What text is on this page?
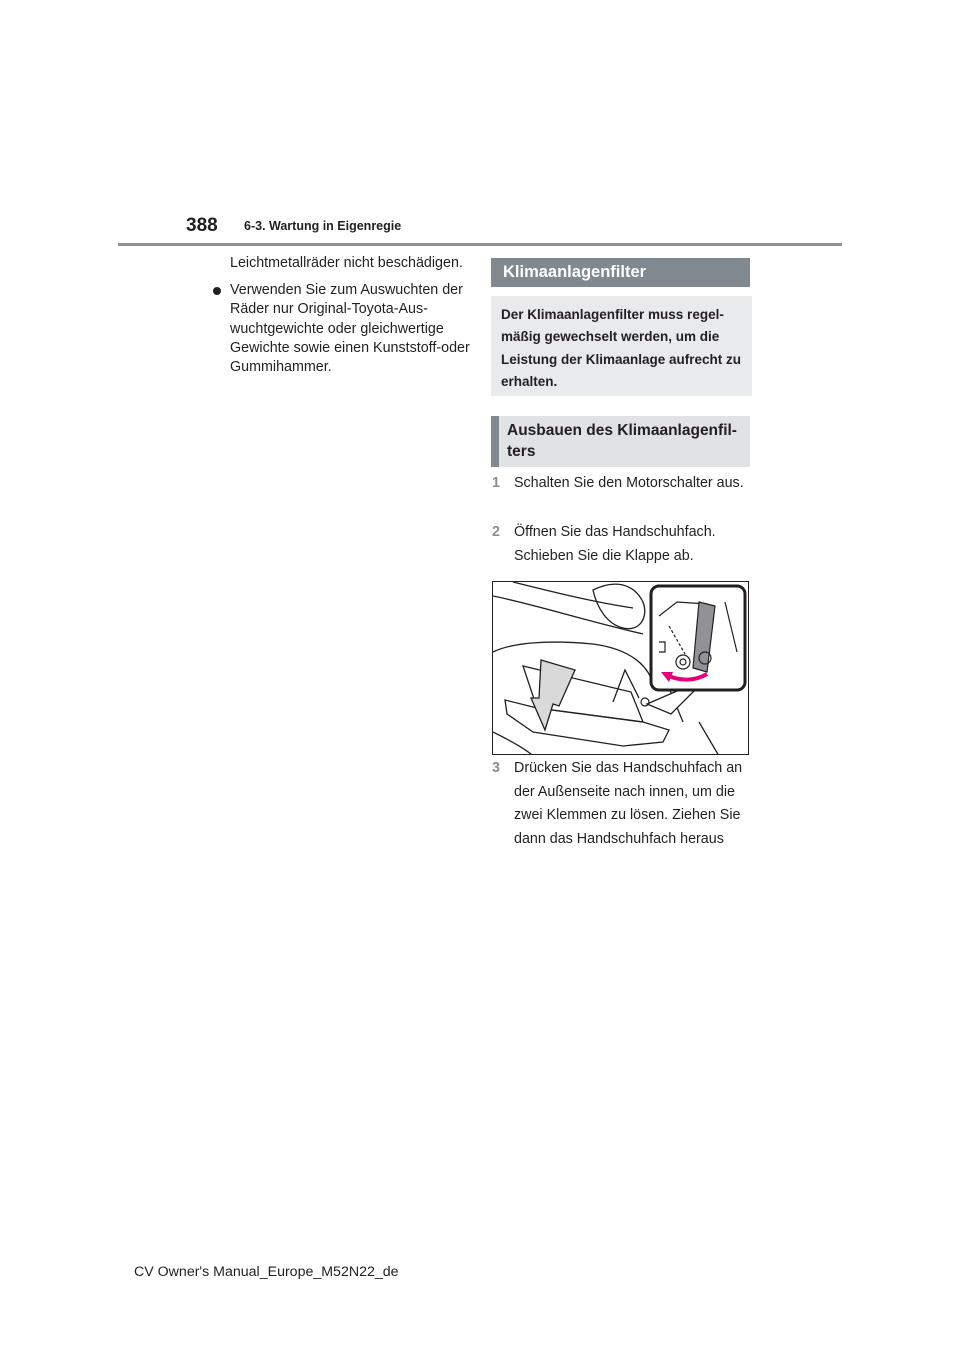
388 6-3. Wartung in Eigenregie

Leichtmetallräder nicht beschädigen.

Verwenden Sie zum Auswuchten der Räder nur Original-Toyota-Aus-wuchtgewichte oder gleichwertige Gewichte sowie einen Kunststoff-oder Gummihammer.
Klimaanlagenfilter
Der Klimaanlagenfilter muss regel-mäßig gewechselt werden, um die Leistung der Klimaanlage aufrecht zu erhalten.
Ausbauen des Klimaanlagenfil-ters
1 Schalten Sie den Motorschalter aus.
2 Öffnen Sie das Handschuhfach.
Schieben Sie die Klappe ab.
3 Drücken Sie das Handschuhfach an der Außenseite nach innen, um die zwei Klemmen zu lösen. Ziehen Sie dann das Handschuhfach heraus
CV Owner's Manual_Europe_M52N22_de
